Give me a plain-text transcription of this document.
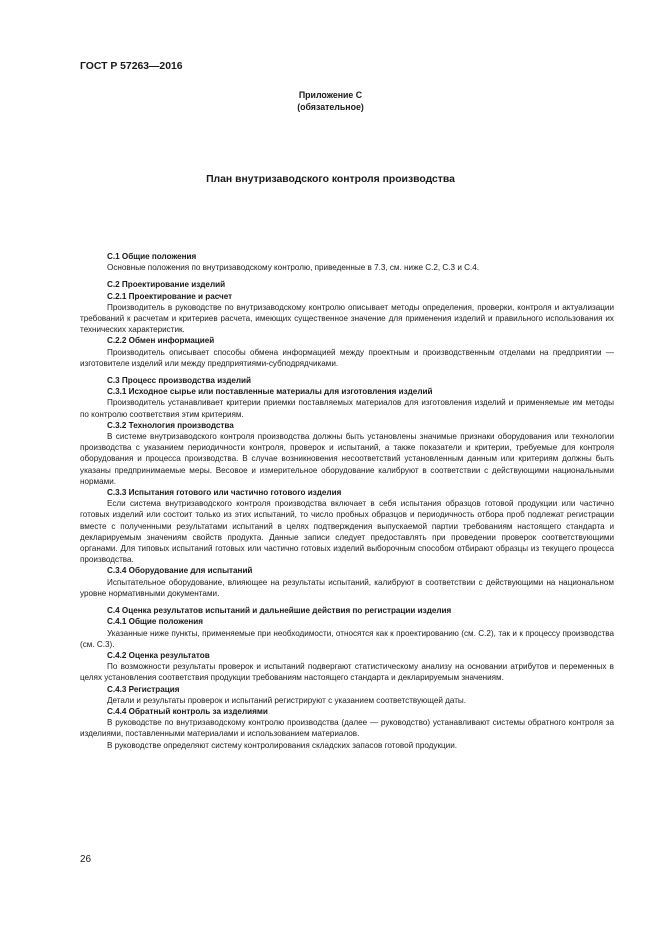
ГОСТ Р 57263—2016
Приложение С
(обязательное)
План внутризаводского контроля производства
С.1 Общие положения

Основные положения по внутризаводскому контролю, приведенные в 7.3, см. ниже С.2, С.3 и С.4.

С.2 Проектирование изделий
С.2.1 Проектирование и расчет

Производитель в руководстве по внутризаводскому контролю описывает методы определения, проверки, контроля и актуализации требований к расчетам и критериев расчета, имеющих существенное значение для применения изделий и правильного использования их технических характеристик.

С.2.2 Обмен информацией

Производитель описывает способы обмена информацией между проектным и производственным отделами на предприятии — изготовителе изделий или между предприятиями-субподрядчиками.

С.3 Процесс производства изделий
С.3.1 Исходное сырье или поставленные материалы для изготовления изделий

Производитель устанавливает критерии приемки поставляемых материалов для изготовления изделий и применяемые им методы по контролю соответствия этим критериям.

С.3.2 Технология производства

В системе внутризаводского контроля производства должны быть установлены значимые признаки оборудования или технологии производства с указанием периодичности контроля, проверок и испытаний, а также показатели и критерии, требуемые для контроля оборудования и процесса производства. В случае возникновения несоответствий установленным данным или критериям должны быть указаны предпринимаемые меры. Весовое и измерительное оборудование калибруют в соответствии с действующими национальными нормами.

С.3.3 Испытания готового или частично готового изделия

Если система внутризаводского контроля производства включает в себя испытания образцов готовой продукции или частично готовых изделий или состоит только из этих испытаний, то число пробных образцов и периодичность отбора проб подлежат регистрации вместе с полученными результатами испытаний в целях подтверждения выпускаемой партии требованиям настоящего стандарта и декларируемым значениям свойств продукта. Данные записи следует предоставлять при проведении проверок соответствующими органами. Для типовых испытаний готовых или частично готовых изделий выборочным способом отбирают образцы из текущего процесса производства.

С.3.4 Оборудование для испытаний

Испытательное оборудование, влияющее на результаты испытаний, калибруют в соответствии с действующими на национальном уровне нормативными документами.

С.4 Оценка результатов испытаний и дальнейшие действия по регистрации изделия
С.4.1 Общие положения

Указанные ниже пункты, применяемые при необходимости, относятся как к проектированию (см. С.2), так и к процессу производства (см. С.3).

С.4.2 Оценка результатов

По возможности результаты проверок и испытаний подвергают статистическому анализу на основании атрибутов и переменных в целях установления соответствия продукции требованиям настоящего стандарта и декларируемым значениям.

С.4.3 Регистрация

Детали и результаты проверок и испытаний регистрируют с указанием соответствующей даты.

С.4.4 Обратный контроль за изделиями

В руководстве по внутризаводскому контролю производства (далее — руководство) устанавливают системы обратного контроля за изделиями, поставленными материалами и использованием материалов.

В руководстве определяют систему контролирования складских запасов готовой продукции.

26
